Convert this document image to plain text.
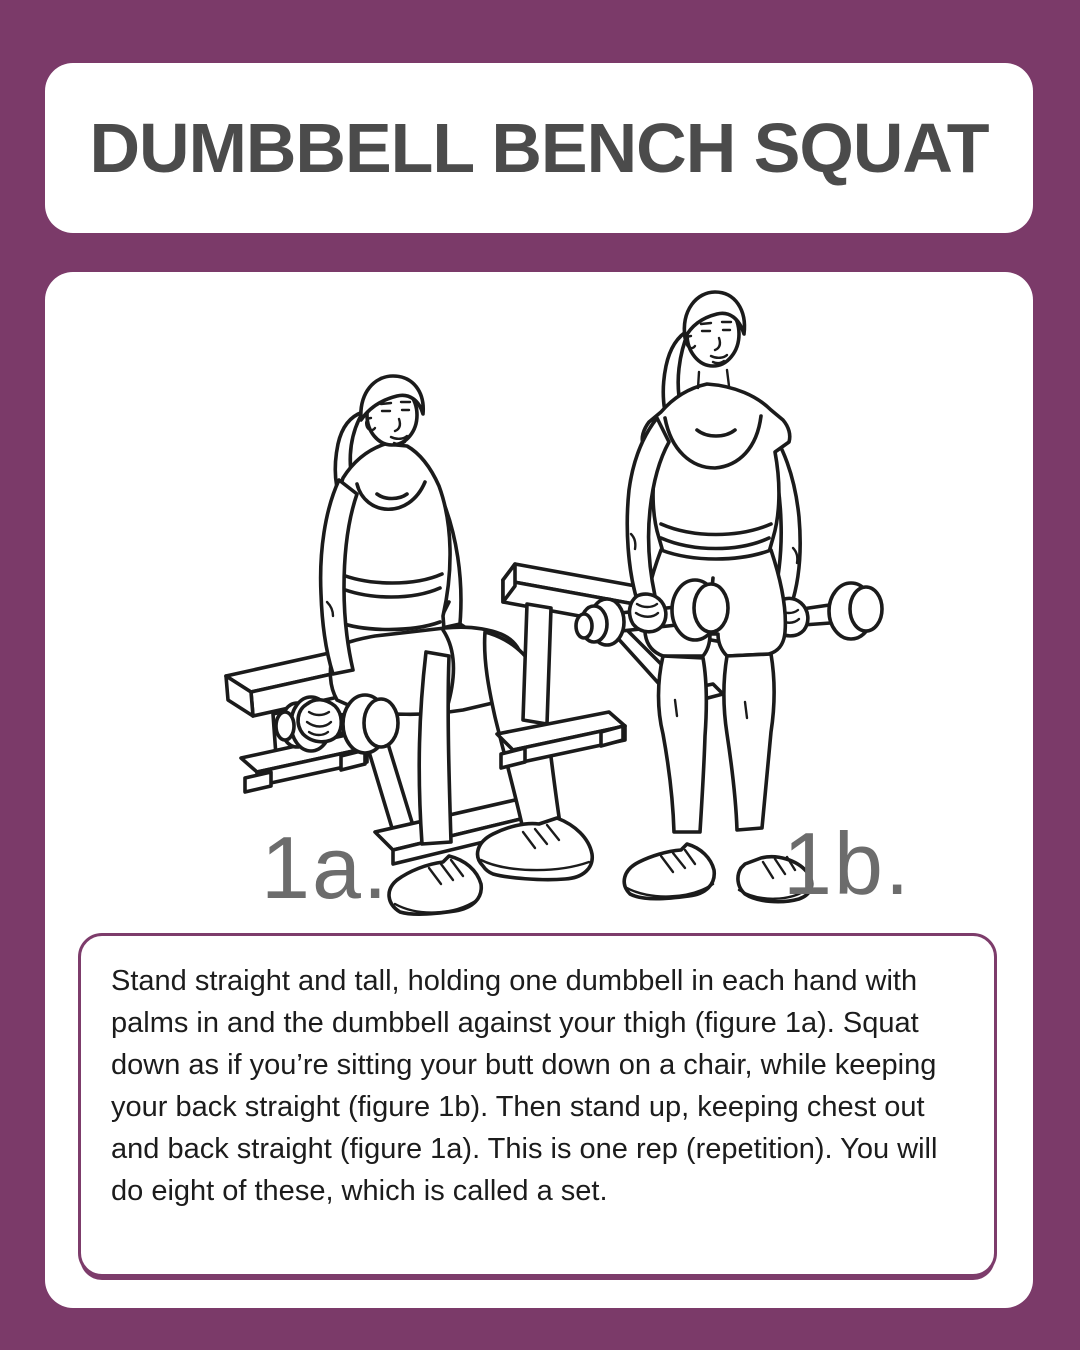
DUMBBELL BENCH SQUAT
1a.	1b.

Stand straight and tall, holding one dumbbell in each hand with palms in and the dumbbell against your thigh (figure 1a). Squat down as if you’re sitting your butt down on a chair, while keeping your back straight (figure 1b). Then stand up, keeping chest out and back straight (figure 1a). This is one rep (repetition). You will do eight of these, which is called a set.
